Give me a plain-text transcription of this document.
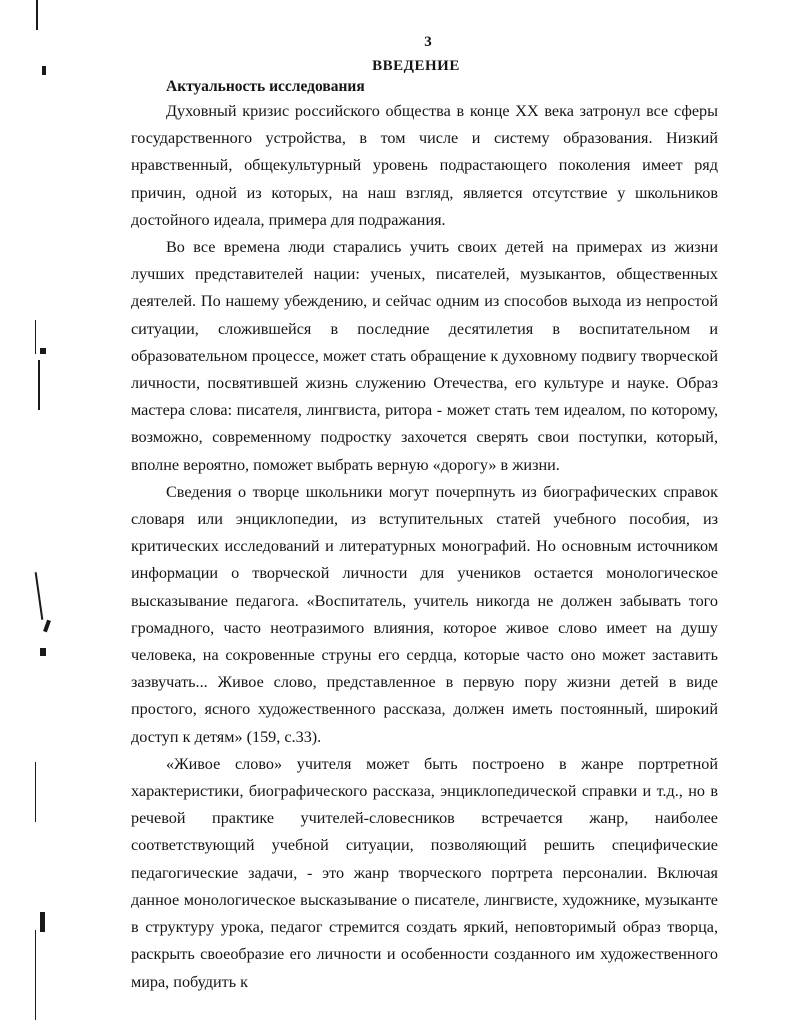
3
ВВЕДЕНИЕ
Актуальность исследования

Духовный кризис российского общества в конце XX века затронул все сферы государственного устройства, в том числе и систему образования. Низкий нравственный, общекультурный уровень подрастающего поколения имеет ряд причин, одной из которых, на наш взгляд, является отсутствие у школьников достойного идеала, примера для подражания.

Во все времена люди старались учить своих детей на примерах из жизни лучших представителей нации: ученых, писателей, музыкантов, общественных деятелей. По нашему убеждению, и сейчас одним из способов выхода из непростой ситуации, сложившейся в последние десятилетия в воспитательном и образовательном процессе, может стать обращение к духовному подвигу творческой личности, посвятившей жизнь служению Отечества, его культуре и науке. Образ мастера слова: писателя, лингвиста, ритора - может стать тем идеалом, по которому, возможно, современному подростку захочется сверять свои поступки, который, вполне вероятно, поможет выбрать верную «дорогу» в жизни.

Сведения о творце школьники могут почерпнуть из биографических справок словаря или энциклопедии, из вступительных статей учебного пособия, из критических исследований и литературных монографий. Но основным источником информации о творческой личности для учеников остается монологическое высказывание педагога. «Воспитатель, учитель никогда не должен забывать того громадного, часто неотразимого влияния, которое живое слово имеет на душу человека, на сокровенные струны его сердца, которые часто оно может заставить зазвучать... Живое слово, представленное в первую пору жизни детей в виде простого, ясного художественного рассказа, должен иметь постоянный, широкий доступ к детям» (159, с.33).

«Живое слово» учителя может быть построено в жанре портретной характеристики, биографического рассказа, энциклопедической справки и т.д., но в речевой практике учителей-словесников встречается жанр, наиболее соответствующий учебной ситуации, позволяющий решить специфические педагогические задачи, - это жанр творческого портрета персоналии. Включая данное монологическое высказывание о писателе, лингвисте, художнике, музыканте в структуру урока, педагог стремится создать яркий, неповторимый образ творца, раскрыть своеобразие его личности и особенности созданного им художественного мира, побудить к
